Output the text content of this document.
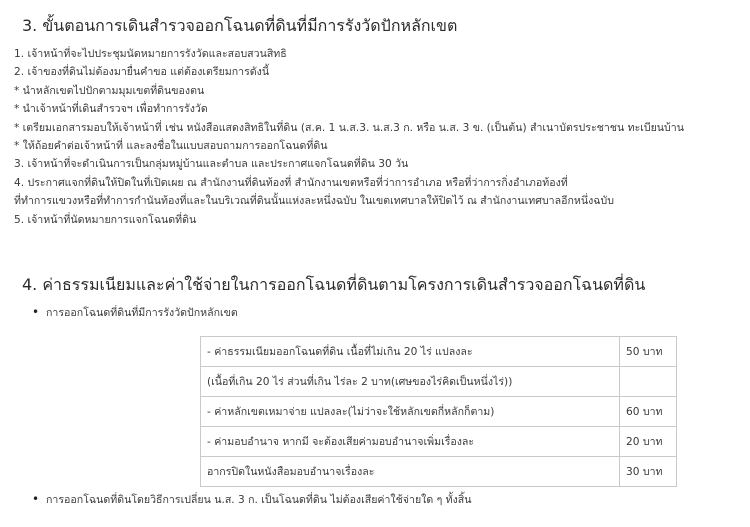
3. ขั้นตอนการเดินสำรวจออกโฉนดที่ดินที่มีการรังวัดปักหลักเขต
1. เจ้าหน้าที่จะไปประชุมนัดหมายการรังวัดและสอบสวนสิทธิ
2. เจ้าของที่ดินไม่ต้องมายื่นคำขอ แต่ต้องเตรียมการดังนี้
* นำหลักเขตไปปักตามมุมเขตที่ดินของตน
* นำเจ้าหน้าที่เดินสำรวจฯ เพื่อทำการรังวัด
* เตรียมเอกสารมอบให้เจ้าหน้าที่ เช่น หนังสือแสดงสิทธิในที่ดิน (ส.ค. 1 น.ส.3. น.ส.3 ก. หรือ น.ส. 3 ข. (เป็นต้น) สำเนาบัตรประชาชน ทะเบียนบ้าน
* ให้ถ้อยคำต่อเจ้าหน้าที่ และลงชื่อในแบบสอบถามการออกโฉนดที่ดิน
3. เจ้าหน้าที่จะดำเนินการเป็นกลุ่มหมู่บ้านและตำบล และประกาศแจกโฉนดที่ดิน 30 วัน
4. ประกาศแจกที่ดินให้ปิดในที่เปิดเผย ณ สำนักงานที่ดินท้องที่ สำนักงานเขตหรือที่ว่าการอำเภอ หรือที่ว่าการกิ่งอำเภอท้องที่
ที่ทำการแขวงหรือที่ทำการกำนันท้องที่และในบริเวณที่ดินนั้นแห่งละหนึ่งฉบับ ในเขตเทศบาลให้ปิดไว้ ณ สำนักงานเทศบาลอีกหนึ่งฉบับ
5. เจ้าหน้าที่นัดหมายการแจกโฉนดที่ดิน
4. ค่าธรรมเนียมและค่าใช้จ่ายในการออกโฉนดที่ดินตามโครงการเดินสำรวจออกโฉนดที่ดิน
• การออกโฉนดที่ดินที่มีการรังวัดปักหลักเขต
- ค่าธรรมเนียมออกโฉนดที่ดิน เนื้อที่ไม่เกิน 20 ไร่ แปลงละ	50 บาท
(เนื้อที่เกิน 20 ไร่ ส่วนที่เกิน ไร่ละ 2 บาท(เศษของไร่คิดเป็นหนึ่งไร่))	
- ค่าหลักเขตเหมาจ่าย แปลงละ(ไม่ว่าจะใช้หลักเขตกี่หลักก็ตาม)	60 บาท
- ค่ามอบอำนาจ หากมี จะต้องเสียค่ามอบอำนาจเพิ่มเรื่องละ	20 บาท
อากรปิดในหนังสือมอบอำนาจเรื่องละ	30 บาท
• การออกโฉนดที่ดินโดยวิธีการเปลี่ยน น.ส. 3 ก. เป็นโฉนดที่ดิน ไม่ต้องเสียค่าใช้จ่ายใด ๆ ทั้งสิ้น
